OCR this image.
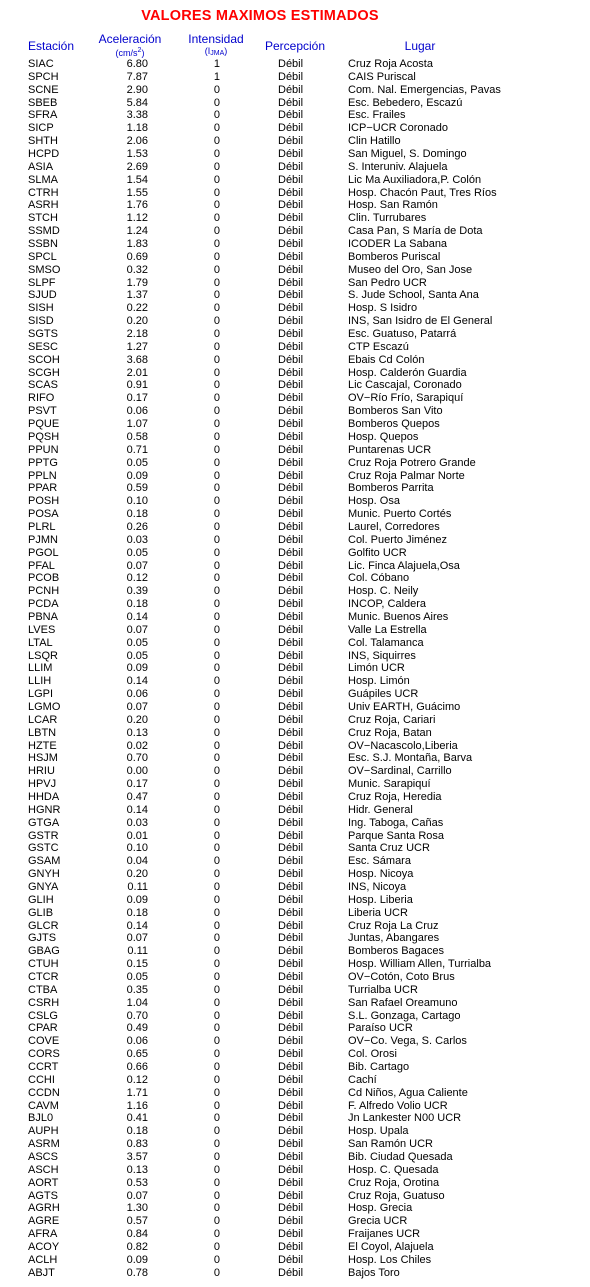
VALORES MAXIMOS ESTIMADOS
Estación	Aceleración
$(cm/s^2)$
Intensidad
$(I_{JMA})$	Percepción	Lugar
SIAC	6.80	1	Débil	Cruz Roja Acosta
SPCH	7.87	1	Débil	CAIS Puriscal
SCNE	2.90	0	Débil	Com. Nal. Emergencias, Pavas
SBEB	5.84	0	Débil	Esc. Bebedero, Escazú
SFRA	3.38	0	Débil	Esc. Frailes
SICP	1.18	0	Débil	ICP−UCR Coronado
SHTH	2.06	0	Débil	Clin Hatillo
HCPD	1.53	0	Débil	San Miguel, S. Domingo
ASIA	2.69	0	Débil	S. Interuniv. Alajuela
SLMA	1.54	0	Débil	Lic Ma Auxiliadora,P. Colón
CTRH	1.55	0	Débil	Hosp. Chacón Paut, Tres Ríos
ASRH	1.76	0	Débil	Hosp. San Ramón
STCH	1.12	0	Débil	Clin. Turrubares
SSMD	1.24	0	Débil	Casa Pan, S María de Dota
SSBN	1.83	0	Débil	ICODER La Sabana
SPCL	0.69	0	Débil	Bomberos Puriscal
SMSO	0.32	0	Débil	Museo del Oro, San Jose
SLPF	1.79	0	Débil	San Pedro UCR
SJUD	1.37	0	Débil	S. Jude School, Santa Ana
SISH	0.22	0	Débil	Hosp. S Isidro
SISD	0.20	0	Débil	INS, San Isidro de El General
SGTS	2.18	0	Débil	Esc. Guatuso, Patarrá
SESC	1.27	0	Débil	CTP Escazú
SCOH	3.68	0	Débil	Ebais Cd Colón
SCGH	2.01	0	Débil	Hosp. Calderón Guardia
SCAS	0.91	0	Débil	Lic Cascajal, Coronado
RIFO	0.17	0	Débil	OV−Río Frío, Sarapiquí
PSVT	0.06	0	Débil	Bomberos San Vito
PQUE	1.07	0	Débil	Bomberos Quepos
PQSH	0.58	0	Débil	Hosp. Quepos
PPUN	0.71	0	Débil	Puntarenas UCR
PPTG	0.05	0	Débil	Cruz Roja Potrero Grande
PPLN	0.09	0	Débil	Cruz Roja Palmar Norte
PPAR	0.59	0	Débil	Bomberos Parrita
POSH	0.10	0	Débil	Hosp. Osa
POSA	0.18	0	Débil	Munic. Puerto Cortés
PLRL	0.26	0	Débil	Laurel, Corredores
PJMN	0.03	0	Débil	Col. Puerto Jiménez
PGOL	0.05	0	Débil	Golfito UCR
PFAL	0.07	0	Débil	Lic. Finca Alajuela,Osa
PCOB	0.12	0	Débil	Col. Cóbano
PCNH	0.39	0	Débil	Hosp. C. Neily
PCDA	0.18	0	Débil	INCOP, Caldera
PBNA	0.14	0	Débil	Munic. Buenos Aires
LVES	0.07	0	Débil	Valle La Estrella
LTAL	0.05	0	Débil	Col. Talamanca
LSQR	0.05	0	Débil	INS, Siquirres
LLIM	0.09	0	Débil	Limón UCR
LLIH	0.14	0	Débil	Hosp. Limón
LGPI	0.06	0	Débil	Guápiles UCR
LGMO	0.07	0	Débil	Univ EARTH, Guácimo
LCAR	0.20	0	Débil	Cruz Roja, Cariari
LBTN	0.13	0	Débil	Cruz Roja, Batan
HZTE	0.02	0	Débil	OV−Nacascolo,Liberia
HSJM	0.70	0	Débil	Esc. S.J. Montaña, Barva
HRIU	0.00	0	Débil	OV−Sardinal, Carrillo
HPVJ	0.17	0	Débil	Munic. Sarapiquí
HHDA	0.47	0	Débil	Cruz Roja, Heredia
HGNR	0.14	0	Débil	Hidr. General
GTGA	0.03	0	Débil	Ing. Taboga, Cañas
GSTR	0.01	0	Débil	Parque Santa Rosa
GSTC	0.10	0	Débil	Santa Cruz UCR
GSAM	0.04	0	Débil	Esc. Sámara
GNYH	0.20	0	Débil	Hosp. Nicoya
GNYA	0.11	0	Débil	INS, Nicoya
GLIH	0.09	0	Débil	Hosp. Liberia
GLIB	0.18	0	Débil	Liberia UCR
GLCR	0.14	0	Débil	Cruz Roja La Cruz
GJTS	0.07	0	Débil	Juntas, Abangares
GBAG	0.11	0	Débil	Bomberos Bagaces
CTUH	0.15	0	Débil	Hosp. William Allen, Turrialba
CTCR	0.05	0	Débil	OV−Cotón, Coto Brus
CTBA	0.35	0	Débil	Turrialba UCR
CSRH	1.04	0	Débil	San Rafael Oreamuno
CSLG	0.70	0	Débil	S.L. Gonzaga, Cartago
CPAR	0.49	0	Débil	Paraíso UCR
COVE	0.06	0	Débil	OV−Co. Vega, S. Carlos
CORS	0.65	0	Débil	Col. Orosi
CCRT	0.66	0	Débil	Bib. Cartago
CCHI	0.12	0	Débil	Cachí
CCDN	1.71	0	Débil	Cd Niños, Agua Caliente
CAVM	1.16	0	Débil	F. Alfredo Volio UCR
BJL0	0.41	0	Débil	Jn Lankester N00 UCR
AUPH	0.18	0	Débil	Hosp. Upala
ASRM	0.83	0	Débil	San Ramón UCR
ASCS	3.57	0	Débil	Bib. Ciudad Quesada
ASCH	0.13	0	Débil	Hosp. C. Quesada
AORT	0.53	0	Débil	Cruz Roja, Orotina
AGTS	0.07	0	Débil	Cruz Roja, Guatuso
AGRH	1.30	0	Débil	Hosp. Grecia
AGRE	0.57	0	Débil	Grecia UCR
AFRA	0.84	0	Débil	Fraijanes UCR
ACOY	0.82	0	Débil	El Coyol, Alajuela
ACLH	0.09	0	Débil	Hosp. Los Chiles
ABJT	0.78	0	Débil	Bajos Toro
